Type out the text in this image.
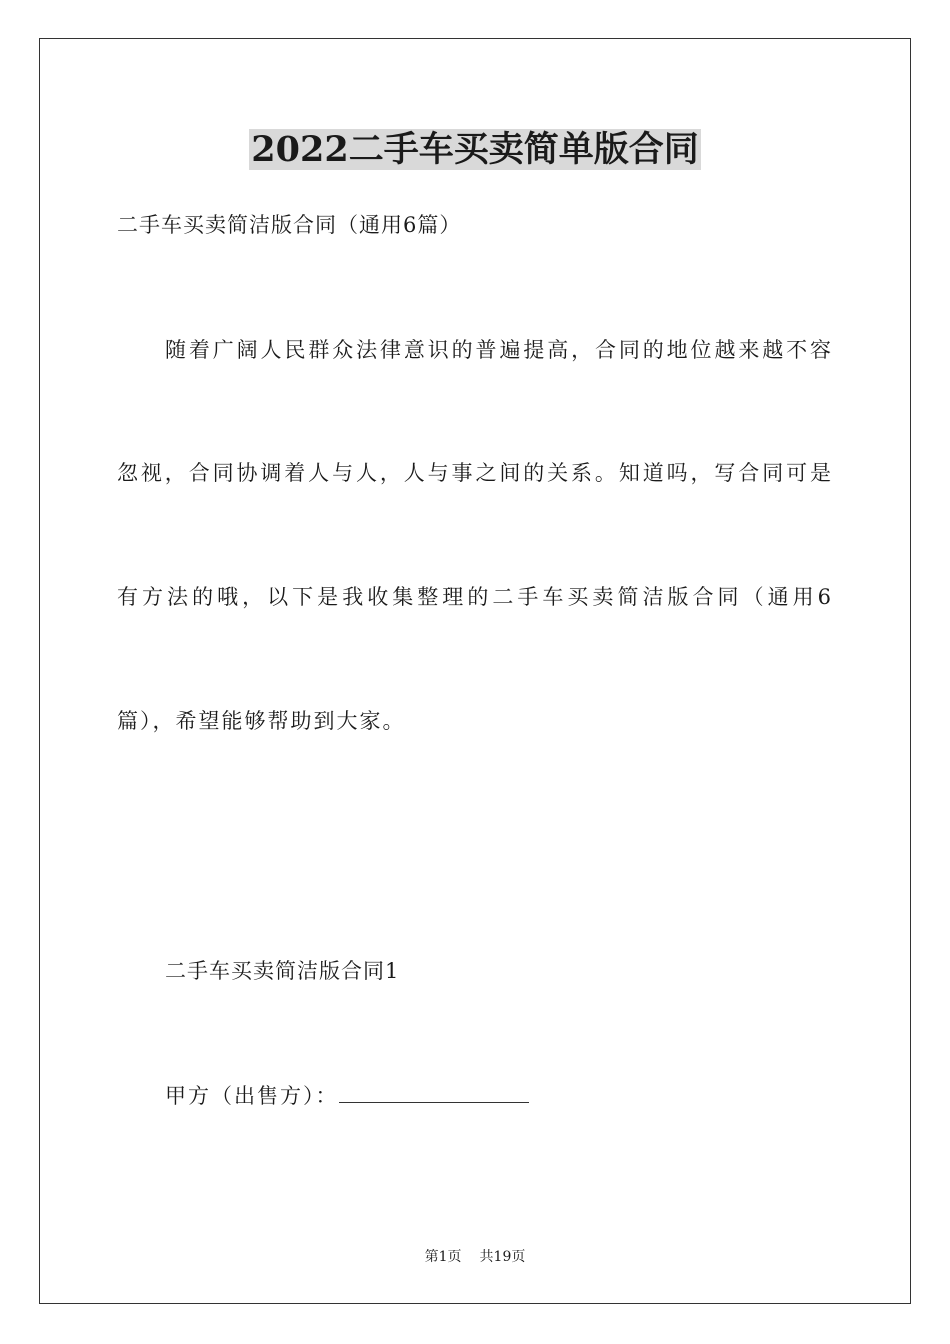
2022二手车买卖简单版合同
二手车买卖简洁版合同（通用6篇）
随着广阔人民群众法律意识的普遍提高，合同的地位越来越不容
忽视，合同协调着人与人，人与事之间的关系。知道吗，写合同可是
有方法的哦，以下是我收集整理的二手车买卖简洁版合同（通用6
篇），希望能够帮助到大家。
二手车买卖简洁版合同1
甲方（出售方）：
第1页 共19页
